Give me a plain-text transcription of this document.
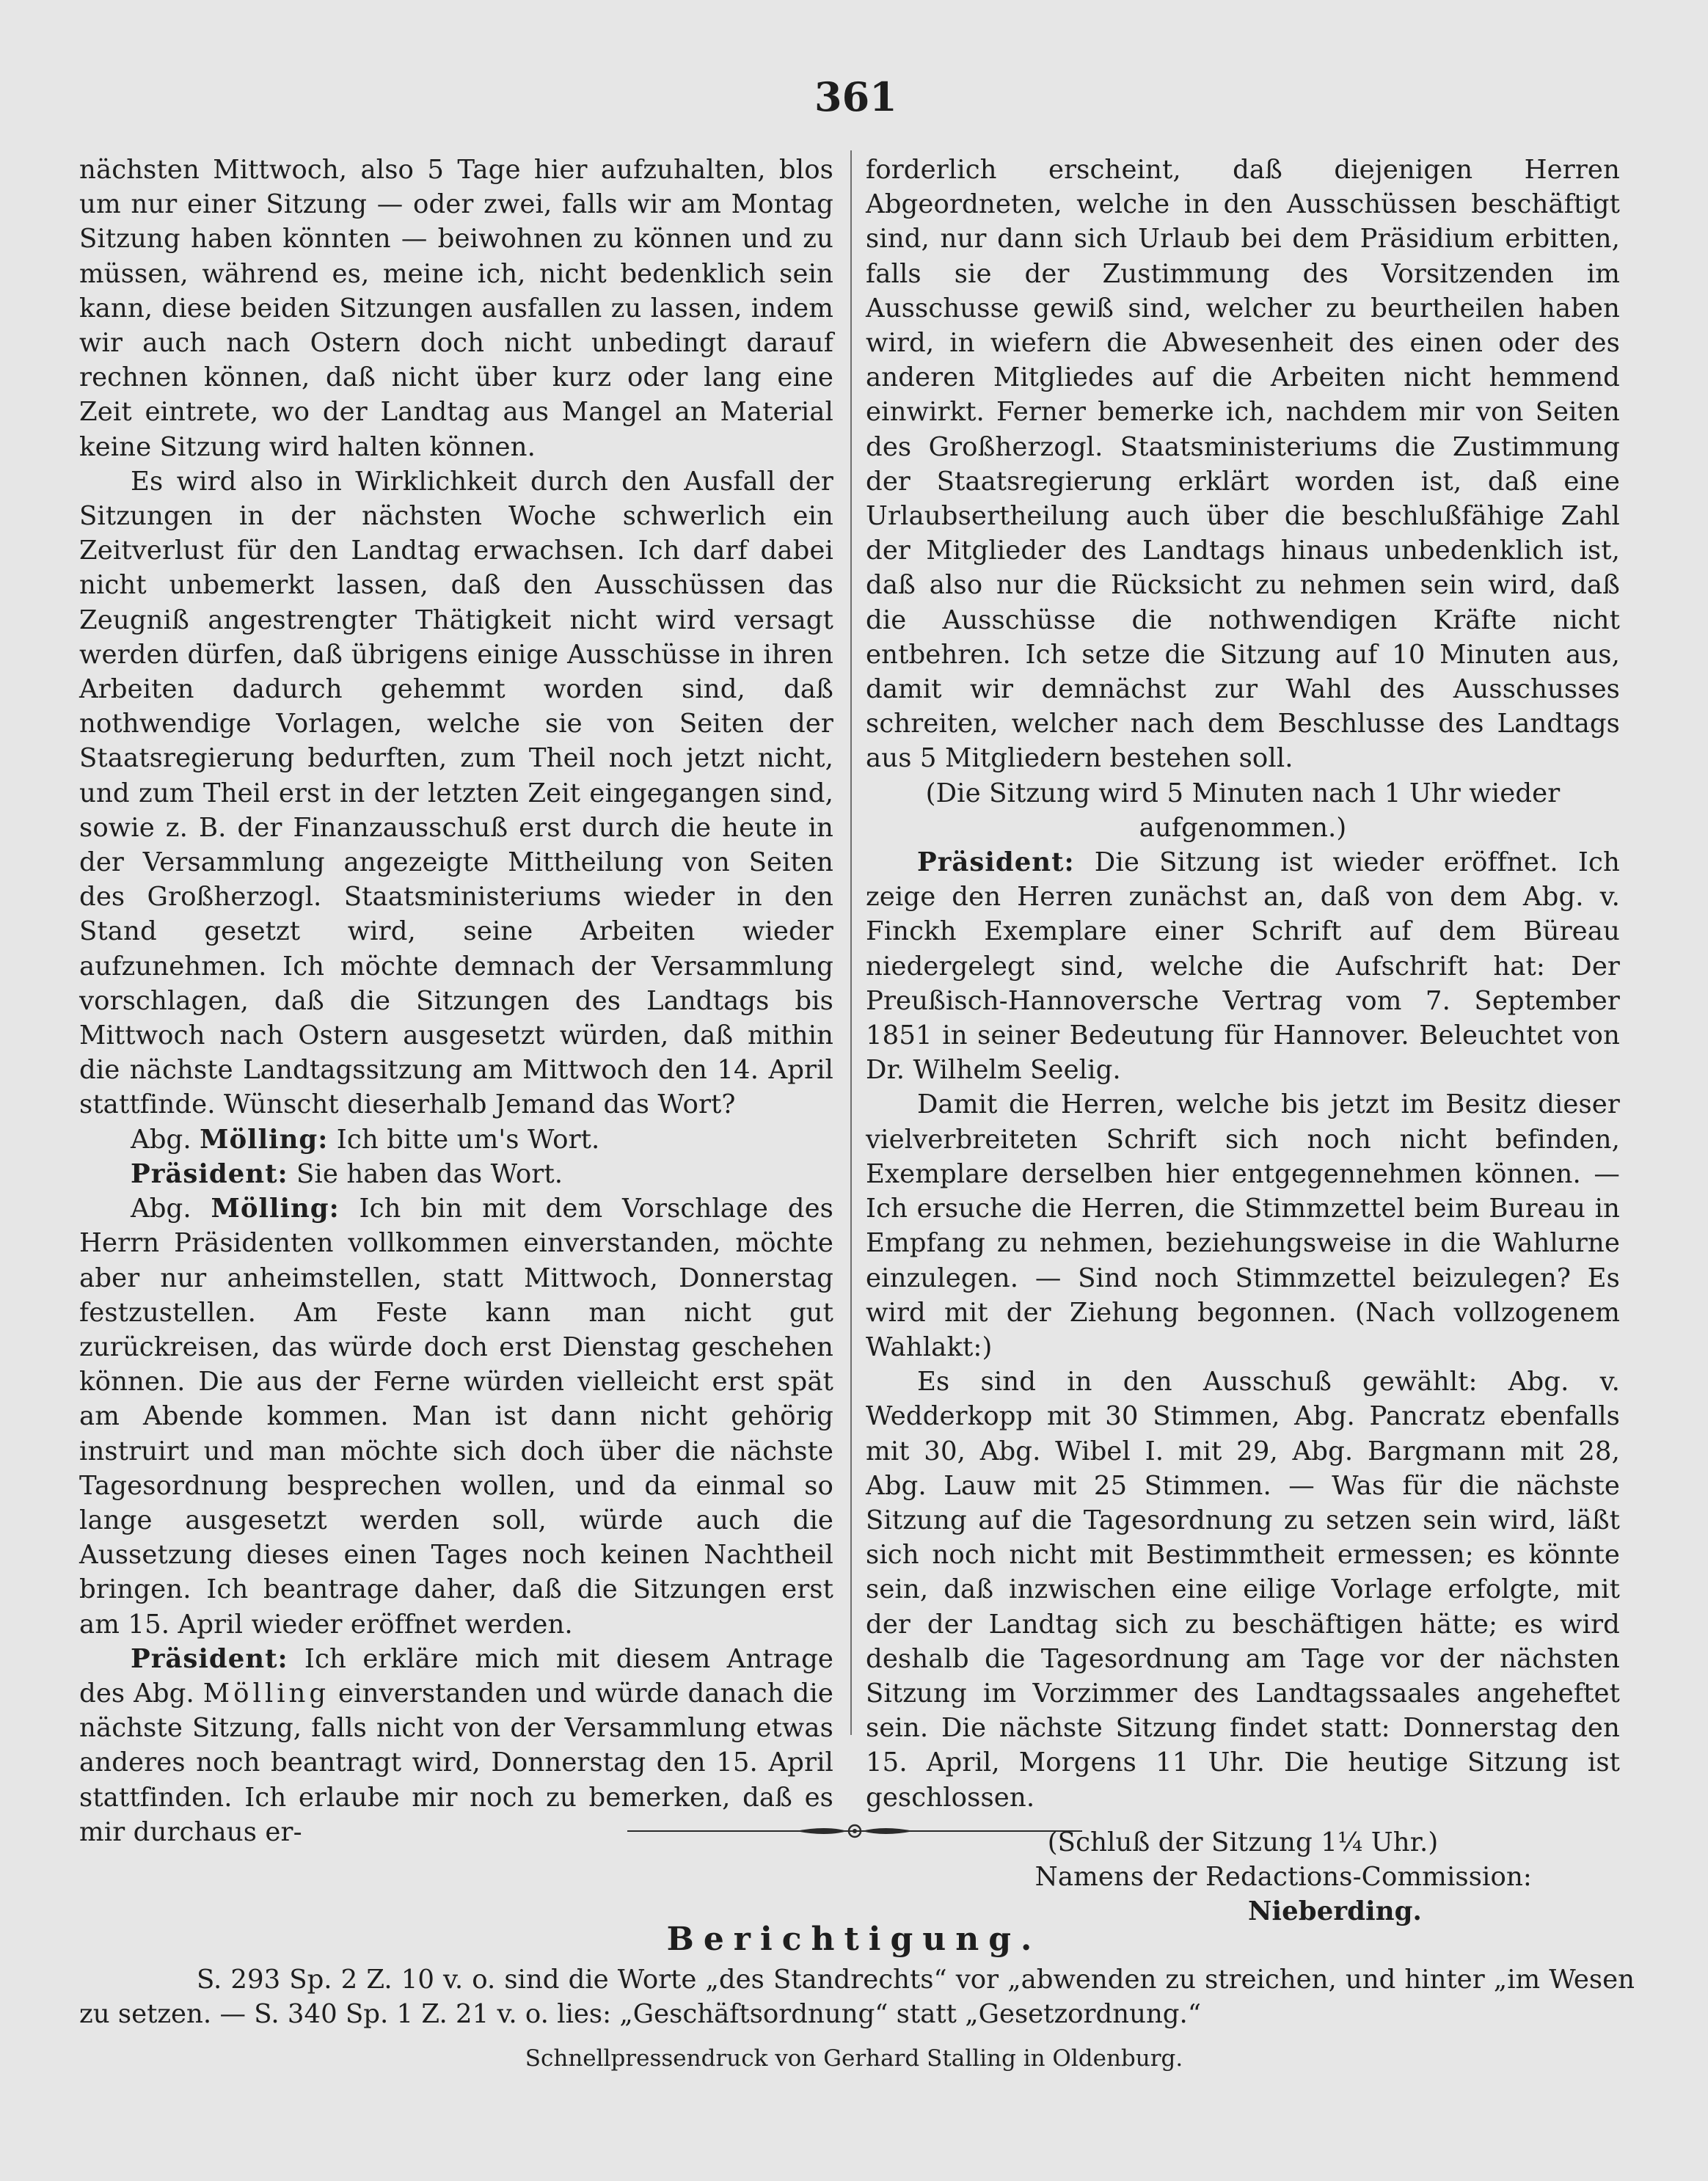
361

nächsten Mittwoch, also 5 Tage hier aufzuhalten, blos um nur einer Sitzung — oder zwei, falls wir am Montag Sitzung haben könnten — beiwohnen zu können und zu müssen, während es, meine ich, nicht bedenklich sein kann, diese beiden Sitzungen ausfallen zu lassen, indem wir auch nach Ostern doch nicht unbedingt darauf rechnen können, daß nicht über kurz oder lang eine Zeit eintrete, wo der Landtag aus Mangel an Material keine Sitzung wird halten können.

Es wird also in Wirklichkeit durch den Ausfall der Sitzungen in der nächsten Woche schwerlich ein Zeitverlust für den Landtag erwachsen. Ich darf dabei nicht unbemerkt lassen, daß den Ausschüssen das Zeugniß angestrengter Thätigkeit nicht wird versagt werden dürfen, daß übrigens einige Ausschüsse in ihren Arbeiten dadurch gehemmt worden sind, daß nothwendige Vorlagen, welche sie von Seiten der Staatsregierung bedurften, zum Theil noch jetzt nicht, und zum Theil erst in der letzten Zeit eingegangen sind, sowie z. B. der Finanzausschuß erst durch die heute in der Versammlung angezeigte Mittheilung von Seiten des Großherzogl. Staatsministeriums wieder in den Stand gesetzt wird, seine Arbeiten wieder aufzunehmen. Ich möchte demnach der Versammlung vorschlagen, daß die Sitzungen des Landtags bis Mittwoch nach Ostern ausgesetzt würden, daß mithin die nächste Landtagssitzung am Mittwoch den 14. April stattfinde. Wünscht dieserhalb Jemand das Wort?

Abg. Mölling: Ich bitte um's Wort.

Präsident: Sie haben das Wort.

Abg. Mölling: Ich bin mit dem Vorschlage des Herrn Präsidenten vollkommen einverstanden, möchte aber nur anheimstellen, statt Mittwoch, Donnerstag festzustellen. Am Feste kann man nicht gut zurückreisen, das würde doch erst Dienstag geschehen können. Die aus der Ferne würden vielleicht erst spät am Abende kommen. Man ist dann nicht gehörig instruirt und man möchte sich doch über die nächste Tagesordnung besprechen wollen, und da einmal so lange ausgesetzt werden soll, würde auch die Aussetzung dieses einen Tages noch keinen Nachtheil bringen. Ich beantrage daher, daß die Sitzungen erst am 15. April wieder eröffnet werden.

Präsident: Ich erkläre mich mit diesem Antrage des Abg. Mölling einverstanden und würde danach die nächste Sitzung, falls nicht von der Versammlung etwas anderes noch beantragt wird, Donnerstag den 15. April stattfinden. Ich erlaube mir noch zu bemerken, daß es mir durchaus er-

forderlich erscheint, daß diejenigen Herren Abgeordneten, welche in den Ausschüssen beschäftigt sind, nur dann sich Urlaub bei dem Präsidium erbitten, falls sie der Zustimmung des Vorsitzenden im Ausschusse gewiß sind, welcher zu beurtheilen haben wird, in wiefern die Abwesenheit des einen oder des anderen Mitgliedes auf die Arbeiten nicht hemmend einwirkt. Ferner bemerke ich, nachdem mir von Seiten des Großherzogl. Staatsministeriums die Zustimmung der Staatsregierung erklärt worden ist, daß eine Urlaubsertheilung auch über die beschlußfähige Zahl der Mitglieder des Landtags hinaus unbedenklich ist, daß also nur die Rücksicht zu nehmen sein wird, daß die Ausschüsse die nothwendigen Kräfte nicht entbehren. Ich setze die Sitzung auf 10 Minuten aus, damit wir demnächst zur Wahl des Ausschusses schreiten, welcher nach dem Beschlusse des Landtags aus 5 Mitgliedern bestehen soll.

(Die Sitzung wird 5 Minuten nach 1 Uhr wieder aufgenommen.)

Präsident: Die Sitzung ist wieder eröffnet. Ich zeige den Herren zunächst an, daß von dem Abg. v. Finckh Exemplare einer Schrift auf dem Büreau niedergelegt sind, welche die Aufschrift hat: Der Preußisch-Hannoversche Vertrag vom 7. September 1851 in seiner Bedeutung für Hannover. Beleuchtet von Dr. Wilhelm Seelig.

Damit die Herren, welche bis jetzt im Besitz dieser vielverbreiteten Schrift sich noch nicht befinden, Exemplare derselben hier entgegennehmen können. — Ich ersuche die Herren, die Stimmzettel beim Bureau in Empfang zu nehmen, beziehungsweise in die Wahlurne einzulegen. — Sind noch Stimmzettel beizulegen? Es wird mit der Ziehung begonnen. (Nach vollzogenem Wahlakt:)

Es sind in den Ausschuß gewählt: Abg. v. Wedderkopp mit 30 Stimmen, Abg. Pancratz ebenfalls mit 30, Abg. Wibel I. mit 29, Abg. Bargmann mit 28, Abg. Lauw mit 25 Stimmen. — Was für die nächste Sitzung auf die Tagesordnung zu setzen sein wird, läßt sich noch nicht mit Bestimmtheit ermessen; es könnte sein, daß inzwischen eine eilige Vorlage erfolgte, mit der der Landtag sich zu beschäftigen hätte; es wird deshalb die Tagesordnung am Tage vor der nächsten Sitzung im Vorzimmer des Landtagssaales angeheftet sein. Die nächste Sitzung findet statt: Donnerstag den 15. April, Morgens 11 Uhr. Die heutige Sitzung ist geschlossen.

(Schluß der Sitzung 1¼ Uhr.)

Namens der Redactions-Commission:

Nieberding.

Berichtigung.
S. 293 Sp. 2 Z. 10 v. o. sind die Worte „des Standrechts“ vor „abwenden zu streichen, und hinter „im Wesen zu setzen. — S. 340 Sp. 1 Z. 21 v. o. lies: „Geschäftsordnung“ statt „Gesetzordnung.“
Schnellpressendruck von Gerhard Stalling in Oldenburg.
